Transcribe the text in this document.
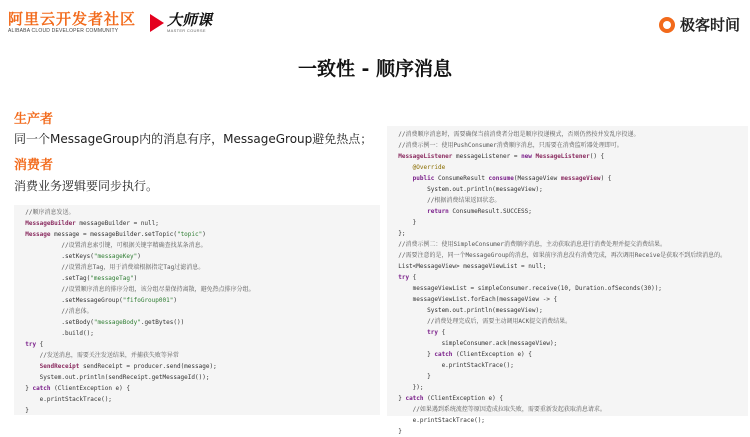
阿里云开发者社区
ALIBABA CLOUD DEVELOPER COMMUNITY
大师课
MASTER COURSE	极客时间
一致性 - 顺序消息
生产者
同一个MessageGroup内的消息有序，MessageGroup避免热点；
消费者
消费业务逻辑要同步执行。
//顺序消息发送。
MessageBuilder messageBuilder = null;
Message message = messageBuilder.setTopic("topic")
//设置消息索引键，可根据关键字精确查找某条消息。
.setKeys("messageKey")
//设置消息Tag，用于消费端根据指定Tag过滤消息。
.setTag("messageTag")
//设置顺序消息的排序分组，该分组尽量保持离散，避免热点排序分组。
.setMessageGroup("fifoGroup001")
//消息体。
.setBody("messageBody".getBytes())
.build();
try {
//发送消息，需要关注发送结果，并捕获失败等异常
SendReceipt sendReceipt = producer.send(message);
System.out.println(sendReceipt.getMessageId());
} catch (ClientException e) {
e.printStackTrace();
}
//消费顺序消息时，需要确保当前消费者分组是顺序投递模式，否则仍然按并发乱序投递。
//消费示例一：使用PushConsumer消费顺序消息，只需要在消费监听器处理即可。
MessageListener messageListener = new MessageListener() {
@Override
public ConsumeResult consume(MessageView messageView) {
System.out.println(messageView);
//根据消费结果返回状态。
return ConsumeResult.SUCCESS;
}
};
//消费示例二：使用SimpleConsumer消费顺序消息，主动获取消息进行消费处理并提交消费结果。
//需要注意的是，同一个MessageGroup的消息，如果前序消息没有消费完成，再次调用Receive是获取不到后续消息的。
List<MessageView> messageViewList = null;
try {
messageViewList = simpleConsumer.receive(10, Duration.ofSeconds(30));
messageViewList.forEach(messageView -> {
System.out.println(messageView);
//消费处理完成后，需要主动调用ACK提交消费结果。
try {
simpleConsumer.ack(messageView);
} catch (ClientException e) {
e.printStackTrace();
}
});
} catch (ClientException e) {
//如果遇到系统流控等原因造成拉取失败，需要重新发起获取消息请求。
e.printStackTrace();
}
